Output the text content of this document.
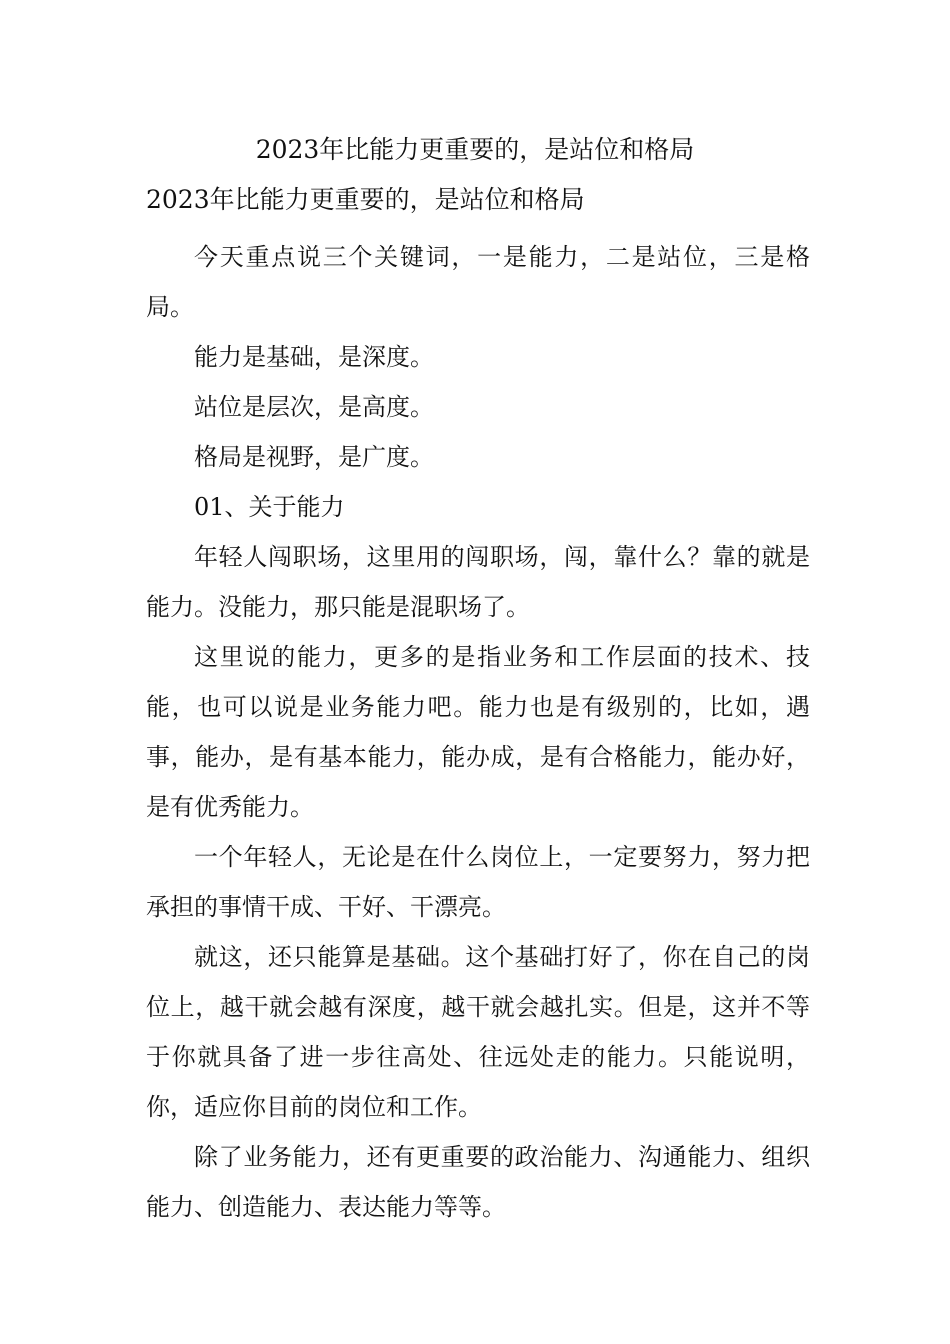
2023年比能力更重要的，是站位和格局
2023年比能力更重要的，是站位和格局

今天重点说三个关键词，一是能力，二是站位，三是格局。

能力是基础，是深度。

站位是层次，是高度。

格局是视野，是广度。

01、关于能力

年轻人闯职场，这里用的闯职场，闯，靠什么？靠的就是能力。没能力，那只能是混职场了。

这里说的能力，更多的是指业务和工作层面的技术、技能，也可以说是业务能力吧。能力也是有级别的，比如，遇事，能办，是有基本能力，能办成，是有合格能力，能办好，是有优秀能力。

一个年轻人，无论是在什么岗位上，一定要努力，努力把承担的事情干成、干好、干漂亮。

就这，还只能算是基础。这个基础打好了，你在自己的岗位上，越干就会越有深度，越干就会越扎实。但是，这并不等于你就具备了进一步往高处、往远处走的能力。只能说明，你，适应你目前的岗位和工作。

除了业务能力，还有更重要的政治能力、沟通能力、组织能力、创造能力、表达能力等等。
